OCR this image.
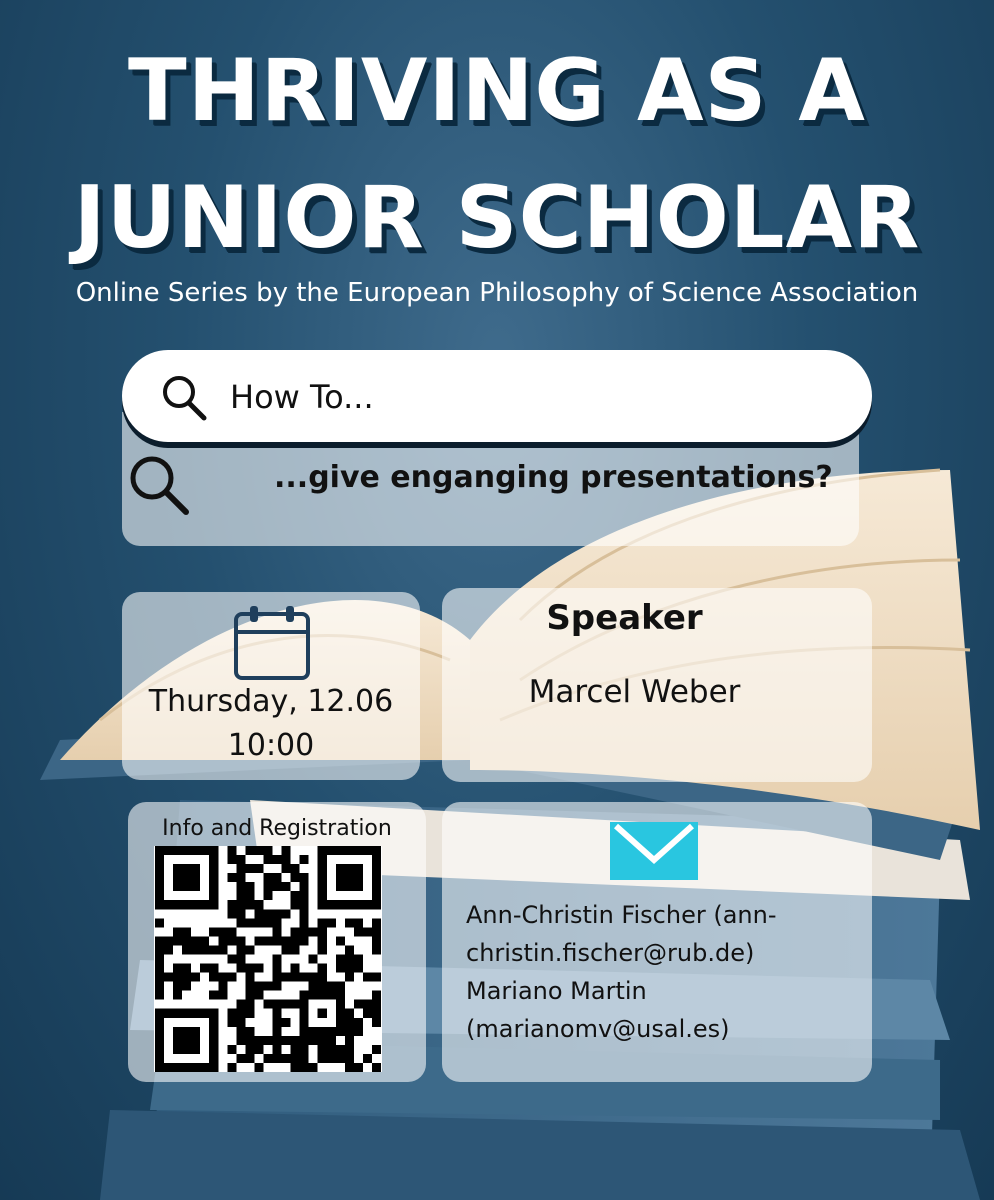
THRIVING AS A
JUNIOR SCHOLAR
Online Series by the European Philosophy of Science Association
...give enganging presentations?
How To...
Thursday, 12.06
10:00
Speaker
Marcel Weber
Info and Registration
Ann-Christin Fischer (ann-
christin.fischer@rub.de)
Mariano Martin
(marianomv@usal.es)
